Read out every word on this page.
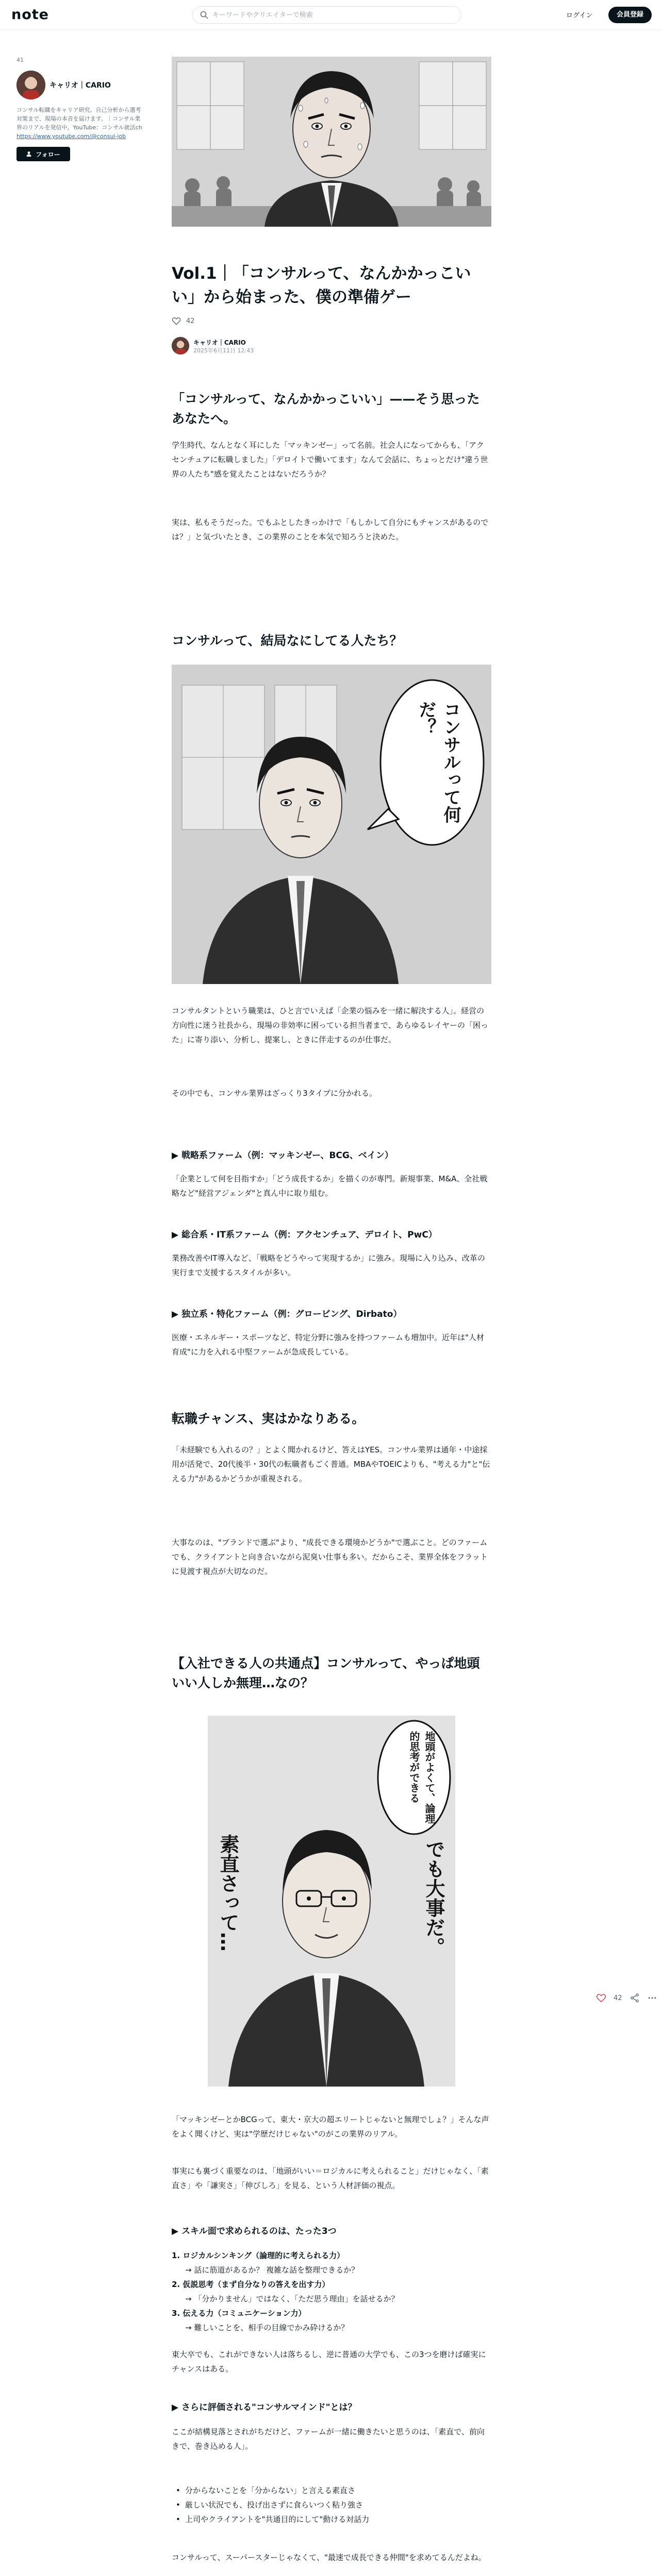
note
キーワードやクリエイターで検索	ログイン	会員登録
41
キャリオ｜CARIO
コンサル転職をキャリア研究。自己分析から選考対策まで、現場の本音を届けます。｜コンサル業界のリアルを発信中。YouTube：コンサル就活ch
https://www.youtube.com/@consul-job
フォロー
Vol.1｜「コンサルって、なんかかっこいい」から始まった、僕の準備ゲー
42
キャリオ｜CARIO
2025年6月11日 12:43
「コンサルって、なんかかっこいい」——そう思ったあなたへ。
学生時代、なんとなく耳にした「マッキンゼー」って名前。社会人になってからも、「アクセンチュアに転職しました」「デロイトで働いてます」なんて会話に、ちょっとだけ"違う世界の人たち"感を覚えたことはないだろうか？
実は、私もそうだった。でもふとしたきっかけで「もしかして自分にもチャンスがあるのでは？」と気づいたとき、この業界のことを本気で知ろうと決めた。
コンサルって、結局なにしてる人たち？
コンサルって何だ？
コンサルタントという職業は、ひと言でいえば「企業の悩みを一緒に解決する人」。経営の方向性に迷う社長から、現場の非効率に困っている担当者まで、あらゆるレイヤーの「困った」に寄り添い、分析し、提案し、ときに伴走するのが仕事だ。
その中でも、コンサル業界はざっくり3タイプに分かれる。
▶ 戦略系ファーム（例：マッキンゼー、BCG、ベイン）
「企業として何を目指すか」「どう成長するか」を描くのが専門。新規事業、M&A、全社戦略など"経営アジェンダ"と真ん中に取り組む。
▶ 総合系・IT系ファーム（例：アクセンチュア、デロイト、PwC）
業務改善やIT導入など、「戦略をどうやって実現するか」に強み。現場に入り込み、改革の実行まで支援するスタイルが多い。
▶ 独立系・特化ファーム（例：グロービング、Dirbato）
医療・エネルギー・スポーツなど、特定分野に強みを持つファームも増加中。近年は"人材育成"に力を入れる中堅ファームが急成長している。
転職チャンス、実はかなりある。
「未経験でも入れるの？」とよく聞かれるけど、答えはYES。コンサル業界は通年・中途採用が活発で、20代後半・30代の転職者もごく普通。MBAやTOEICよりも、"考える力"と"伝える力"があるかどうかが重視される。
大事なのは、"ブランドで選ぶ"より、"成長できる環境かどうか"で選ぶこと。どのファームでも、クライアントと向き合いながら泥臭い仕事も多い。だからこそ、業界全体をフラットに見渡す視点が大切なのだ。
【入社できる人の共通点】コンサルって、やっぱ地頭いい人しか無理…なの？
地頭がよくて、論理的思考ができる
でも大事だ。
素直さって…
「マッキンゼーとかBCGって、東大・京大の超エリートじゃないと無理でしょ？」そんな声をよく聞くけど、実は"学歴だけじゃない"のがこの業界のリアル。
事実にも裏づく重要なのは、「地頭がいい＝ロジカルに考えられること」だけじゃなく、「素直さ」や「謙実さ」「伸びしろ」を見る、という人材評価の視点。
▶ スキル面で求められるのは、たった3つ
1. ロジカルシンキング（論理的に考えられる力）
→ 話に筋道があるか？ 複雑な話を整理できるか？
2. 仮説思考（まず自分なりの答えを出す力）
→ 「分かりません」ではなく、「ただ思う理由」を話せるか？
3. 伝える力（コミュニケーション力）
→ 難しいことを、相手の目線でかみ砕けるか？
東大卒でも、これができない人は落ちるし、逆に普通の大学でも、この3つを磨けば確実にチャンスはある。
▶ さらに評価される"コンサルマインド"とは？
ここが結構見落とされがちだけど、ファームが一緒に働きたいと思うのは、「素直で、前向きで、巻き込める人」。
• 分からないことを「分からない」と言える素直さ
• 厳しい状況でも、投げ出さずに食らいつく粘り強さ
• 上司やクライアントを"共通目的にして"動ける対話力
コンサルって、スーパースターじゃなくて、"最速で成長できる仲間"を求めてるんだよね。
42
